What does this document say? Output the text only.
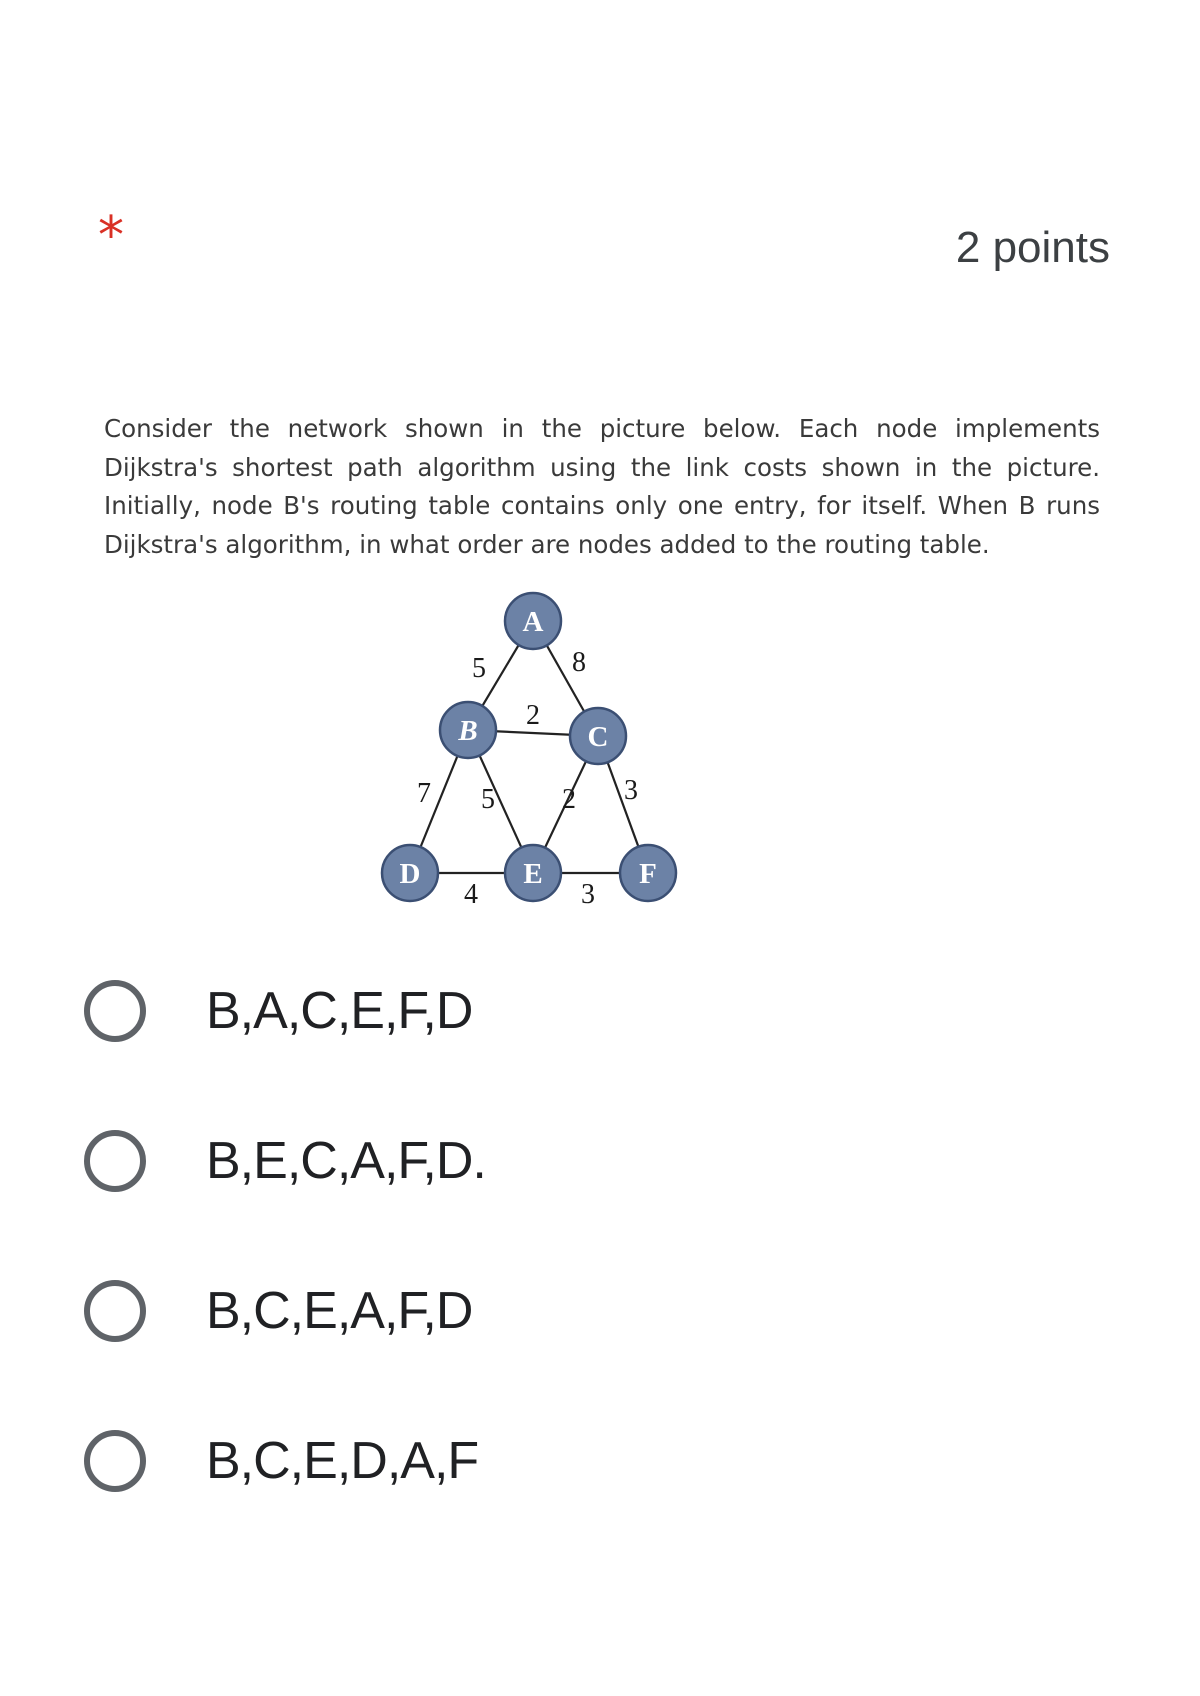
*	2 points
Consider the network shown in the picture below. Each node implements Dijkstra's shortest path algorithm using the link costs shown in the picture. Initially, node B's routing table contains only one entry, for itself. When B runs Dijkstra's algorithm, in what order are nodes added to the routing table.
5	8
2
7 5 2 3
4	3
A
B	C
D	E	F
B,A,C,E,F,D
B,E,C,A,F,D.
B,C,E,A,F,D
B,C,E,D,A,F
